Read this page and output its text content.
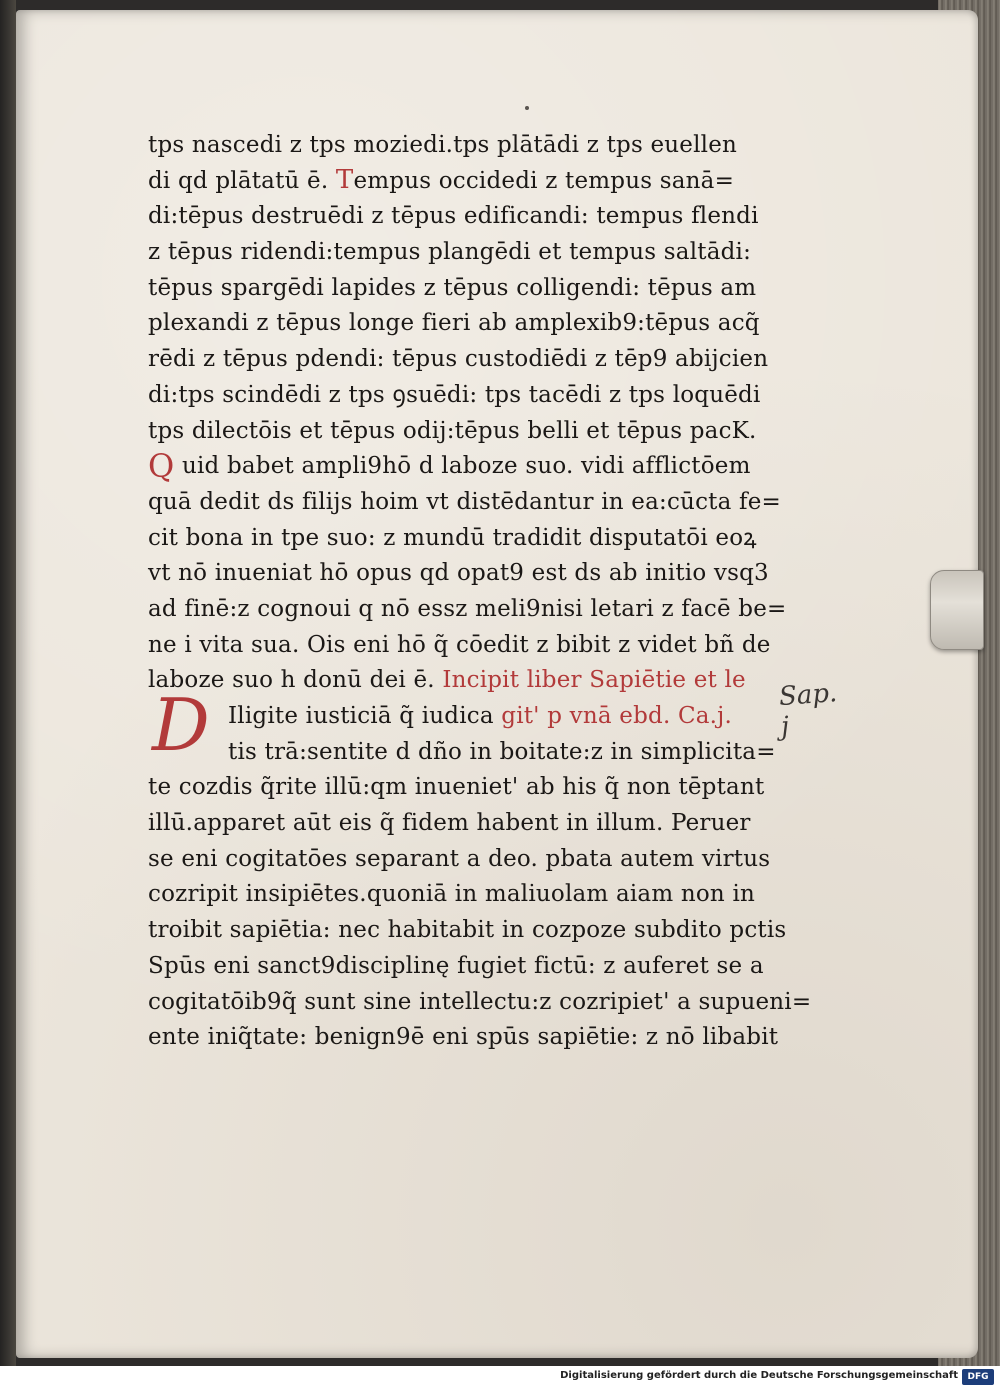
D	Sap. j
tps nascedi z tps moziedi.tps plātādi z tps euellen
di qd plātatū ē. Tempus occidedi z tempus sanā=
di:tēpus destruēdi z tēpus edificandi: tempus flendi
z tēpus ridendi:tempus plangēdi et tempus saltādi:
tēpus spargēdi lapides z tēpus colligendi: tēpus am
plexandi z tēpus longe fieri ab amplexib9:tēpus acq̃
rēdi z tēpus pdendi: tēpus custodiēdi z tēp9 abijcien
di:tps scindēdi z tps ꝯsuēdi: tps tacēdi z tps loquēdi
tps dilectōis et tēpus odij:tēpus belli et tēpus pacK.
Q uid babet ampli9hō d laboze suo. vidi afflictōem
quā dedit ds filijs hoim vt distēdantur in ea:cūcta fe=
cit bona in tpe suo: z mundū tradidit disputatōi eoꝝ
vt nō inueniat hō opus qd opat9 est ds ab initio vsq3
ad finē:z cognoui q nō essz meli9nisi letari z facē be=
ne i vita sua. Ois eni hō q̃ cōedit z bibit z videt bñ de
laboze suo h donū dei ē. Incipit liber Sapiētie et le
Iligite iusticiā q̃ iudica git' p vnā ebd. Ca.j.
tis trā:sentite d dño in boitate:z in simplicita=
te cozdis q̃rite illū:qm inueniet' ab his q̃ non tēptant
illū.apparet aūt eis q̃ fidem habent in illum. Peruer
se eni cogitatōes separant a deo. pbata autem virtus
cozripit insipiētes.quoniā in maliuolam aiam non in
troibit sapiētia: nec habitabit in cozpoze subdito pctis
Spūs eni sanct9disciplinę fugiet fictū: z auferet se a
cogitatōib9q̃ sunt sine intellectu:z cozripiet' a supueni=
ente iniq̃tate: benign9ē eni spūs sapiētie: z nō libabit
Digitalisierung gefördert durch die Deutsche Forschungsgemeinschaft	DFG
